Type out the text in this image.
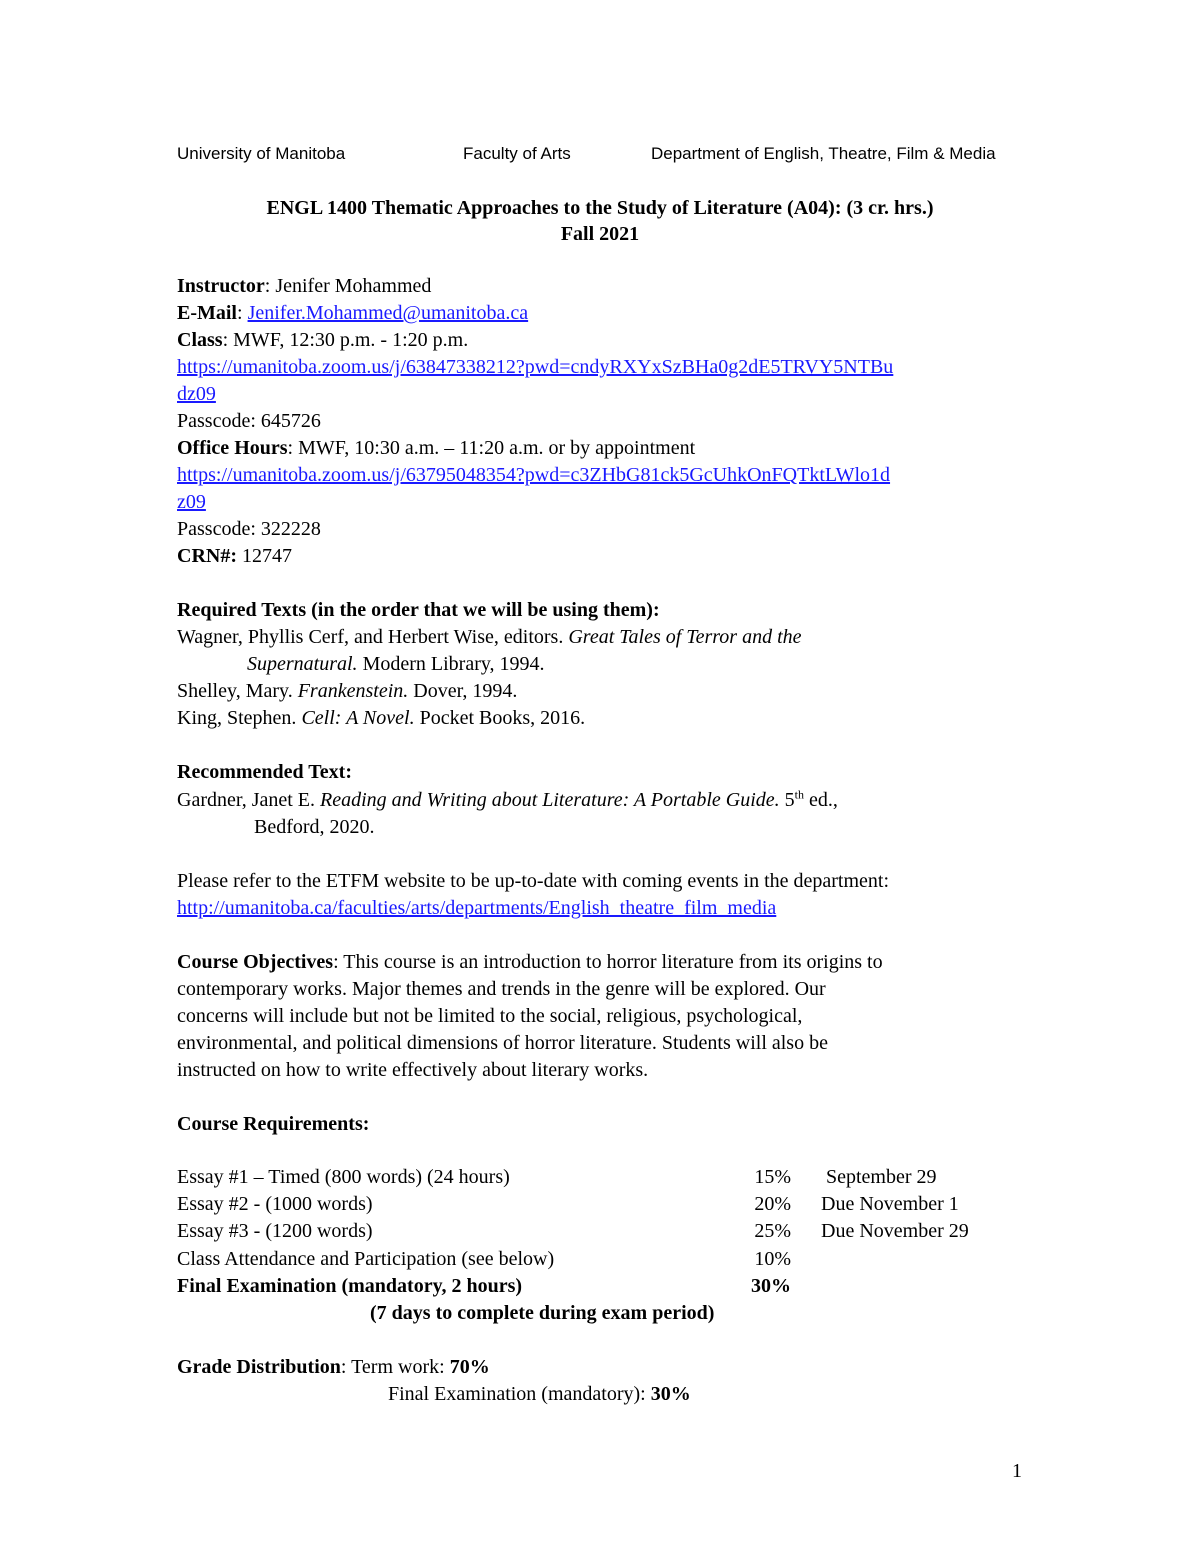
University of Manitoba	Faculty of Arts	Department of English, Theatre, Film & Media
ENGL 1400 Thematic Approaches to the Study of Literature (A04): (3 cr. hrs.)
Fall 2021
Instructor: Jenifer Mohammed
E-Mail: Jenifer.Mohammed@umanitoba.ca
Class: MWF, 12:30 p.m. - 1:20 p.m.
https://umanitoba.zoom.us/j/63847338212?pwd=cndyRXYxSzBHa0g2dE5TRVY5NTBu
dz09
Passcode: 645726
Office Hours: MWF, 10:30 a.m. – 11:20 a.m. or by appointment
https://umanitoba.zoom.us/j/63795048354?pwd=c3ZHbG81ck5GcUhkOnFQTktLWlo1d
z09
Passcode: 322228
CRN#: 12747
Required Texts (in the order that we will be using them):
Wagner, Phyllis Cerf, and Herbert Wise, editors. Great Tales of Terror and the
Supernatural. Modern Library, 1994.
Shelley, Mary. Frankenstein. Dover, 1994.
King, Stephen. Cell: A Novel. Pocket Books, 2016.
Recommended Text:
Gardner, Janet E. Reading and Writing about Literature: A Portable Guide. 5th ed.,
Bedford, 2020.
Please refer to the ETFM website to be up-to-date with coming events in the department:
http://umanitoba.ca/faculties/arts/departments/English_theatre_film_media
Course Objectives: This course is an introduction to horror literature from its origins to
contemporary works. Major themes and trends in the genre will be explored. Our
concerns will include but not be limited to the social, religious, psychological,
environmental, and political dimensions of horror literature. Students will also be
instructed on how to write effectively about literary works.
Course Requirements:
Essay #1 – Timed (800 words) (24 hours)	15% September 29
Essay #2 - (1000 words)	20% Due November 1
Essay #3 - (1200 words)	25% Due November 29
Class Attendance and Participation (see below)	10%
Final Examination (mandatory, 2 hours)	30%
(7 days to complete during exam period)
Grade Distribution: Term work: 70%
Final Examination (mandatory): 30%
1
